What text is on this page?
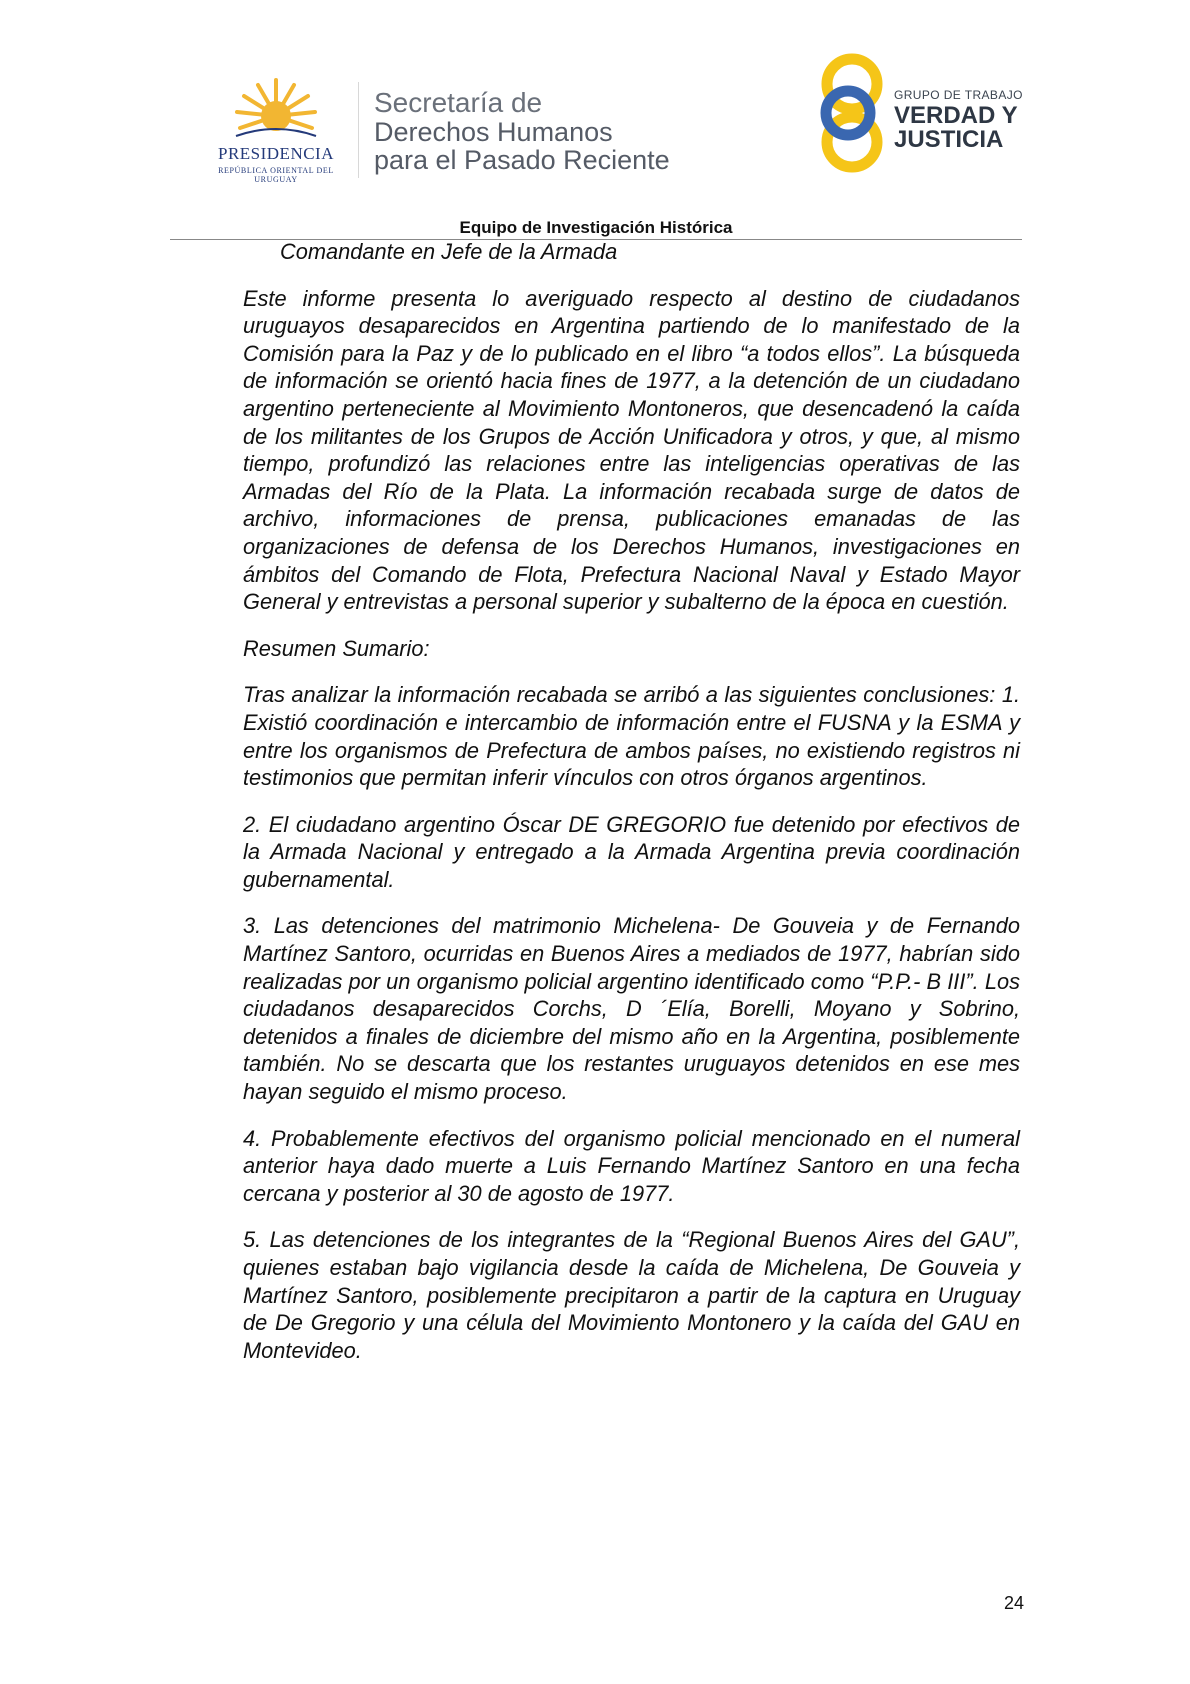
PRESIDENCIA
REPÚBLICA ORIENTAL DEL URUGUAY
Secretaría de
Derechos Humanos
para el Pasado Reciente
GRUPO DE TRABAJO
VERDAD Y
JUSTICIA
Equipo de Investigación Histórica

Comandante en Jefe de la Armada

Este informe presenta lo averiguado respecto al destino de ciudadanos uruguayos desaparecidos en Argentina partiendo de lo manifestado de la Comisión para la Paz y de lo publicado en el libro “a todos ellos”. La búsqueda de información se orientó hacia fines de 1977, a la detención de un ciudadano argentino perteneciente al Movimiento Montoneros, que desencadenó la caída de los militantes de los Grupos de Acción Unificadora y otros, y que, al mismo tiempo, profundizó las relaciones entre las inteligencias operativas de las Armadas del Río de la Plata. La información recabada surge de datos de archivo, informaciones de prensa, publicaciones emanadas de las organizaciones de defensa de los Derechos Humanos, investigaciones en ámbitos del Comando de Flota, Prefectura Nacional Naval y Estado Mayor General y entrevistas a personal superior y subalterno de la época en cuestión.

Resumen Sumario:

Tras analizar la información recabada se arribó a las siguientes conclusiones: 1. Existió coordinación e intercambio de información entre el FUSNA y la ESMA y entre los organismos de Prefectura de ambos países, no existiendo registros ni testimonios que permitan inferir vínculos con otros órganos argentinos.

2. El ciudadano argentino Óscar DE GREGORIO fue detenido por efectivos de la Armada Nacional y entregado a la Armada Argentina previa coordinación gubernamental.

3. Las detenciones del matrimonio Michelena- De Gouveia y de Fernando Martínez Santoro, ocurridas en Buenos Aires a mediados de 1977, habrían sido realizadas por un organismo policial argentino identificado como “P.P.- B III”. Los ciudadanos desaparecidos Corchs, D ´Elía, Borelli, Moyano y Sobrino, detenidos a finales de diciembre del mismo año en la Argentina, posiblemente también. No se descarta que los restantes uruguayos detenidos en ese mes hayan seguido el mismo proceso.

4. Probablemente efectivos del organismo policial mencionado en el numeral anterior haya dado muerte a Luis Fernando Martínez Santoro en una fecha cercana y posterior al 30 de agosto de 1977.

5. Las detenciones de los integrantes de la “Regional Buenos Aires del GAU”, quienes estaban bajo vigilancia desde la caída de Michelena, De Gouveia y Martínez Santoro, posiblemente precipitaron a partir de la captura en Uruguay de De Gregorio y una célula del Movimiento Montonero y la caída del GAU en Montevideo.

24
